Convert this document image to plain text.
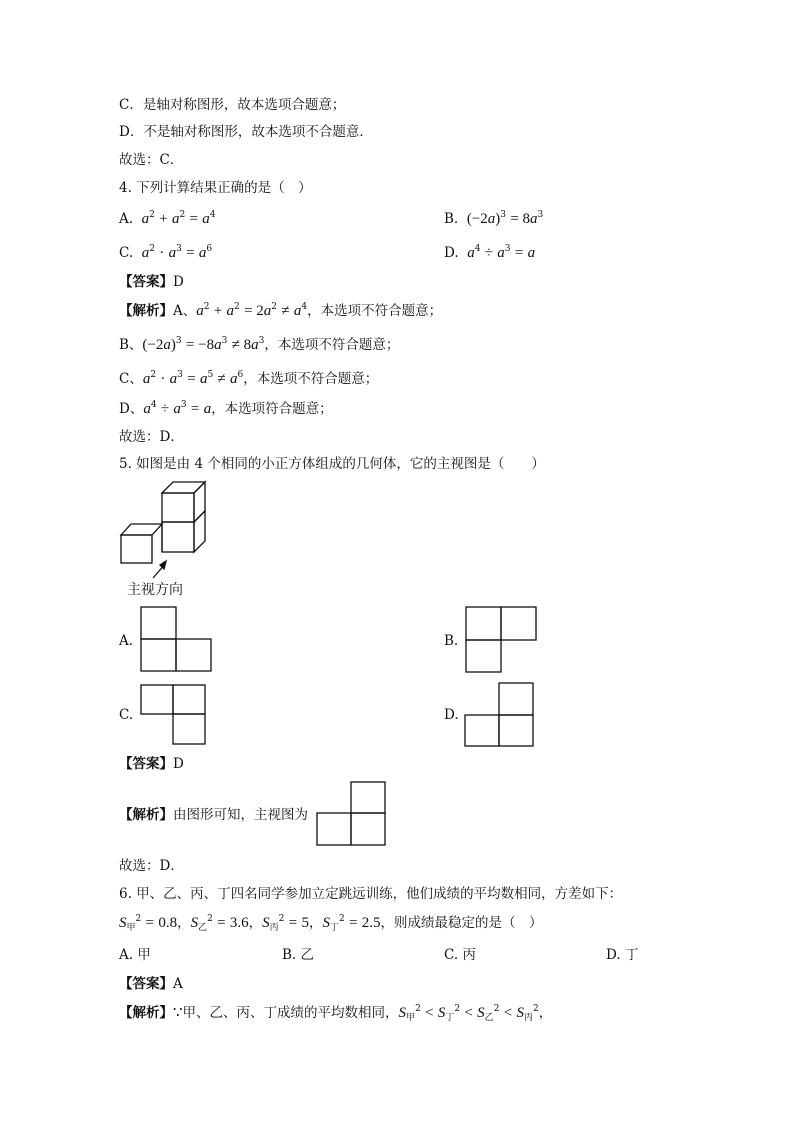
C．是轴对称图形，故本选项合题意；
D．不是轴对称图形，故本选项不合题意．
故选：C．
4. 下列计算结果正确的是（　）
A. $a^2 + a^2 = a^4$	B. $(-2a)^3 = 8a^3$
C. $a^2 \cdot a^3 = a^6$	D. $a^4 \div a^3 = a$
【答案】D
【解析】A、$a^2 + a^2 = 2a^2 \ne a^4$，本选项不符合题意；
B、$(-2a)^3 = -8a^3 \ne 8a^3$，本选项不符合题意；
C、$a^2 \cdot a^3 = a^5 \ne a^6$，本选项不符合题意；
D、$a^4 \div a^3 = a$，本选项符合题意；
故选：D．
5. 如图是由 4 个相同的小正方体组成的几何体，它的主视图是（　　）
主视方向
A.	B.
C.	D.
【答案】D
【解析】由图形可知，主视图为
故选：D．
6. 甲、乙、丙、丁四名同学参加立定跳远训练，他们成绩的平均数相同，方差如下：
$S_甲^2 = 0.8$，$S_乙^2 = 3.6$，$S_丙^2 = 5$，$S_丁^2 = 2.5$，则成绩最稳定的是（　）
A. 甲	B. 乙	C. 丙	D. 丁
【答案】A
【解析】∵甲、乙、丙、丁成绩的平均数相同，$S_甲^2 < S_丁^2 < S_乙^2 < S_丙^2$，
